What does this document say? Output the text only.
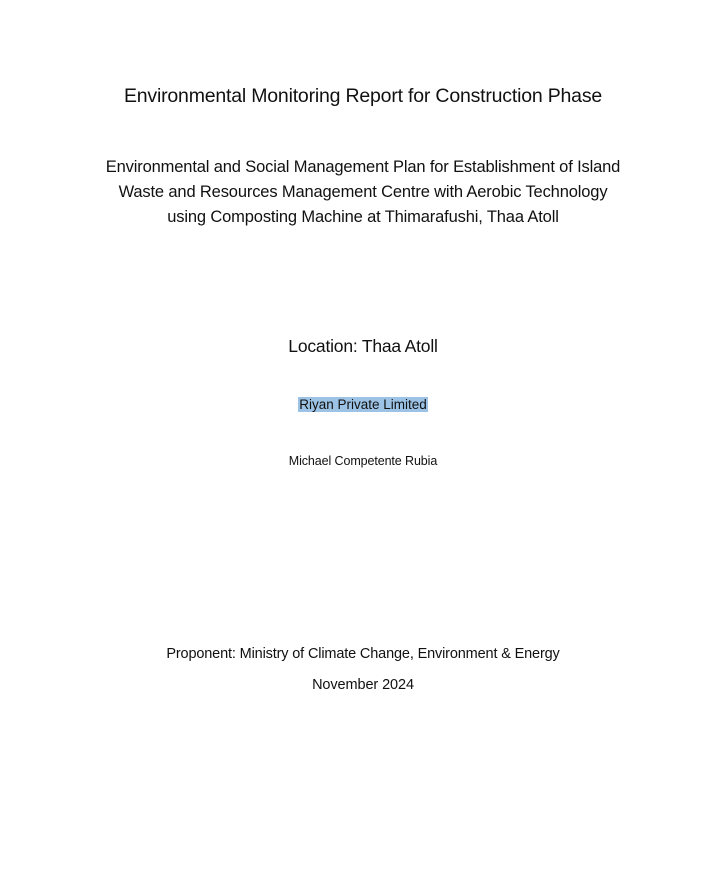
Environmental Monitoring Report for Construction Phase
Environmental and Social Management Plan for Establishment of Island
Waste and Resources Management Centre with Aerobic Technology
using Composting Machine at Thimarafushi, Thaa Atoll
Location: Thaa Atoll
Riyan Private Limited
Michael Competente Rubia
Proponent: Ministry of Climate Change, Environment & Energy
November 2024
